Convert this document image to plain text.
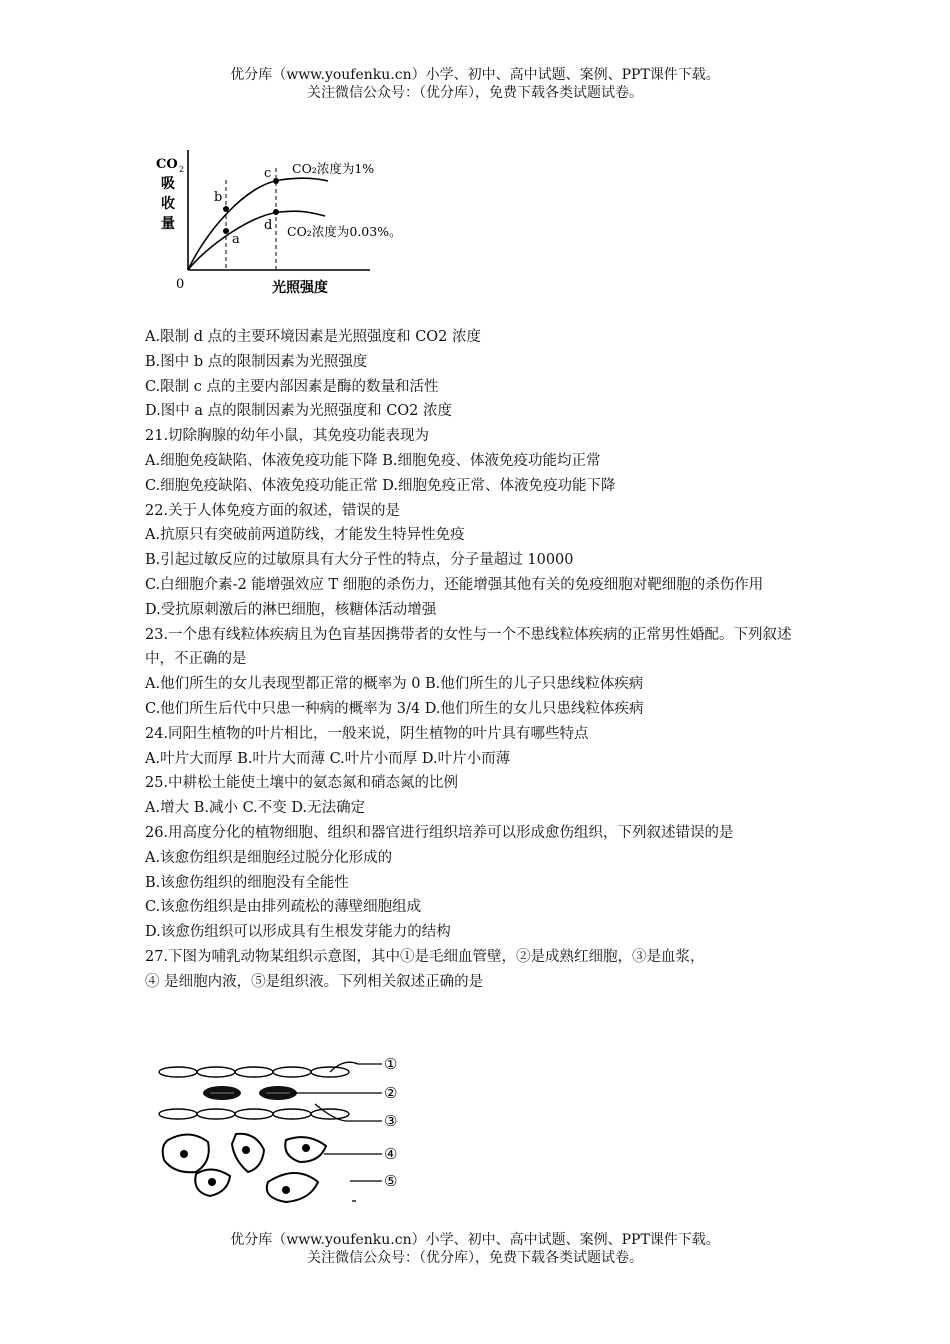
优分库（www.youfenku.cn）小学、初中、高中试题、案例、PPT课件下载。
关注微信公众号：（优分库），免费下载各类试题试卷。
CO 2
吸
收
量
0	光照强度
a
b
c
d
CO₂浓度为1%
CO₂浓度为0.03%。
A.限制 d 点的主要环境因素是光照强度和 CO2 浓度
B.图中 b 点的限制因素为光照强度
C.限制 c 点的主要内部因素是酶的数量和活性
D.图中 a 点的限制因素为光照强度和 CO2 浓度
21.切除胸腺的幼年小鼠，其免疫功能表现为
A.细胞免疫缺陷、体液免疫功能下降 B.细胞免疫、体液免疫功能均正常
C.细胞免疫缺陷、体液免疫功能正常 D.细胞免疫正常、体液免疫功能下降
22.关于人体免疫方面的叙述，错误的是
A.抗原只有突破前两道防线，才能发生特异性免疫
B.引起过敏反应的过敏原具有大分子性的特点，分子量超过 10000
C.白细胞介素-2 能增强效应 T 细胞的杀伤力，还能增强其他有关的免疫细胞对靶细胞的杀伤作用
D.受抗原刺激后的淋巴细胞，核糖体活动增强
23.一个患有线粒体疾病且为色盲基因携带者的女性与一个不患线粒体疾病的正常男性婚配。下列叙述中，不正确的是
A.他们所生的女儿表现型都正常的概率为 0 B.他们所生的儿子只患线粒体疾病
C.他们所生后代中只患一种病的概率为 3/4 D.他们所生的女儿只患线粒体疾病
24.同阳生植物的叶片相比，一般来说，阴生植物的叶片具有哪些特点
A.叶片大而厚 B.叶片大而薄 C.叶片小而厚 D.叶片小而薄
25.中耕松土能使土壤中的氨态氮和硝态氮的比例
A.增大 B.减小 C.不变 D.无法确定
26.用高度分化的植物细胞、组织和器官进行组织培养可以形成愈伤组织，下列叙述错误的是
A.该愈伤组织是细胞经过脱分化形成的
B.该愈伤组织的细胞没有全能性
C.该愈伤组织是由排列疏松的薄壁细胞组成
D.该愈伤组织可以形成具有生根发芽能力的结构
27.下图为哺乳动物某组织示意图，其中①是毛细血管壁，②是成熟红细胞，③是血浆，
④ 是细胞内液，⑤是组织液。下列相关叙述正确的是
①
②
③
④
⑤
优分库（www.youfenku.cn）小学、初中、高中试题、案例、PPT课件下载。
关注微信公众号：（优分库），免费下载各类试题试卷。
